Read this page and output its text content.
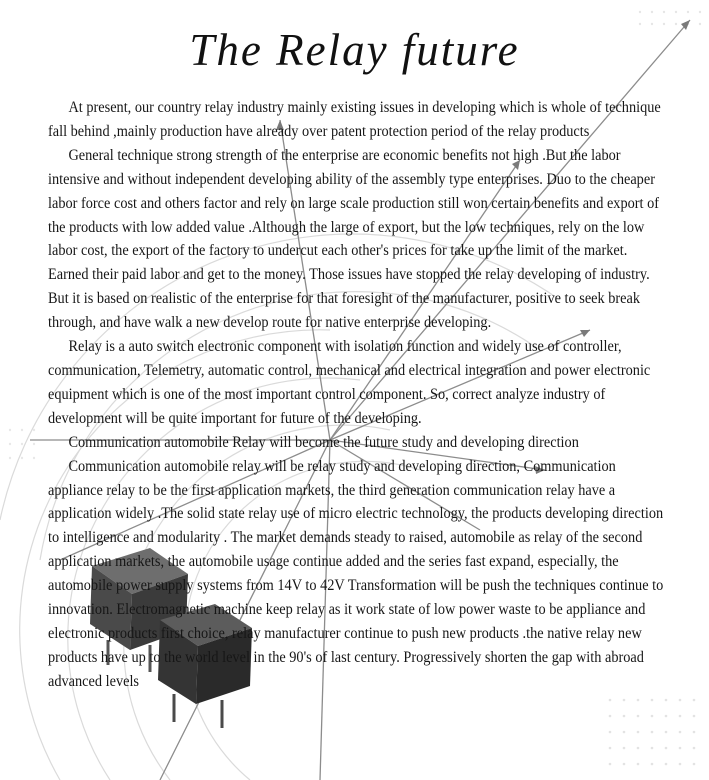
The Relay future

At present, our country relay industry mainly existing issues in developing which is whole of technique fall behind ,mainly production have already over patent protection period of the relay products

General technique strong strength of the enterprise are economic benefits not high .But the labor intensive and without independent developing ability of the assembly type enterprises. Duo to the cheaper labor force cost and others factor and rely on large scale production still won certain benefits and export of the products with low added value .Although the large of export, but the low techniques, rely on the low labor cost, the export of the factory to undercut each other's prices for take up the limit of the market. Earned their paid labor and get to the money. Those issues have stopped the relay developing of industry. But it is based on realistic of the enterprise for that foresight of the manufacturer, positive to seek break through, and have walk a new develop route for native enterprise developing.

Relay is a auto switch electronic component with isolation function and widely use of controller, communication, Telemetry, automatic control, mechanical and electrical integration and power electronic equipment which is one of the most important control component. So, correct analyze industry of development will be quite important for future of the developing.

Communication automobile Relay will become the future study and developing direction

Communication automobile relay will be relay study and developing direction, Communication appliance relay to be the first application markets, the third generation communication relay have a application widely .The solid state relay use of micro electric technology, the products developing direction to intelligence and modularity . The market demands steady to raised, automobile as relay of the second application markets, the automobile usage continue added and the series fast expand, especially, the automobile power supply systems from 14V to 42V Transformation will be push the techniques continue to innovation. Electromagnetic machine keep relay as it work state of low power waste to be appliance and electronic products first choice, relay manufacturer continue to push new products .the native relay new products have up to the world level in the 90's of last century. Progressively shorten the gap with abroad advanced levels
